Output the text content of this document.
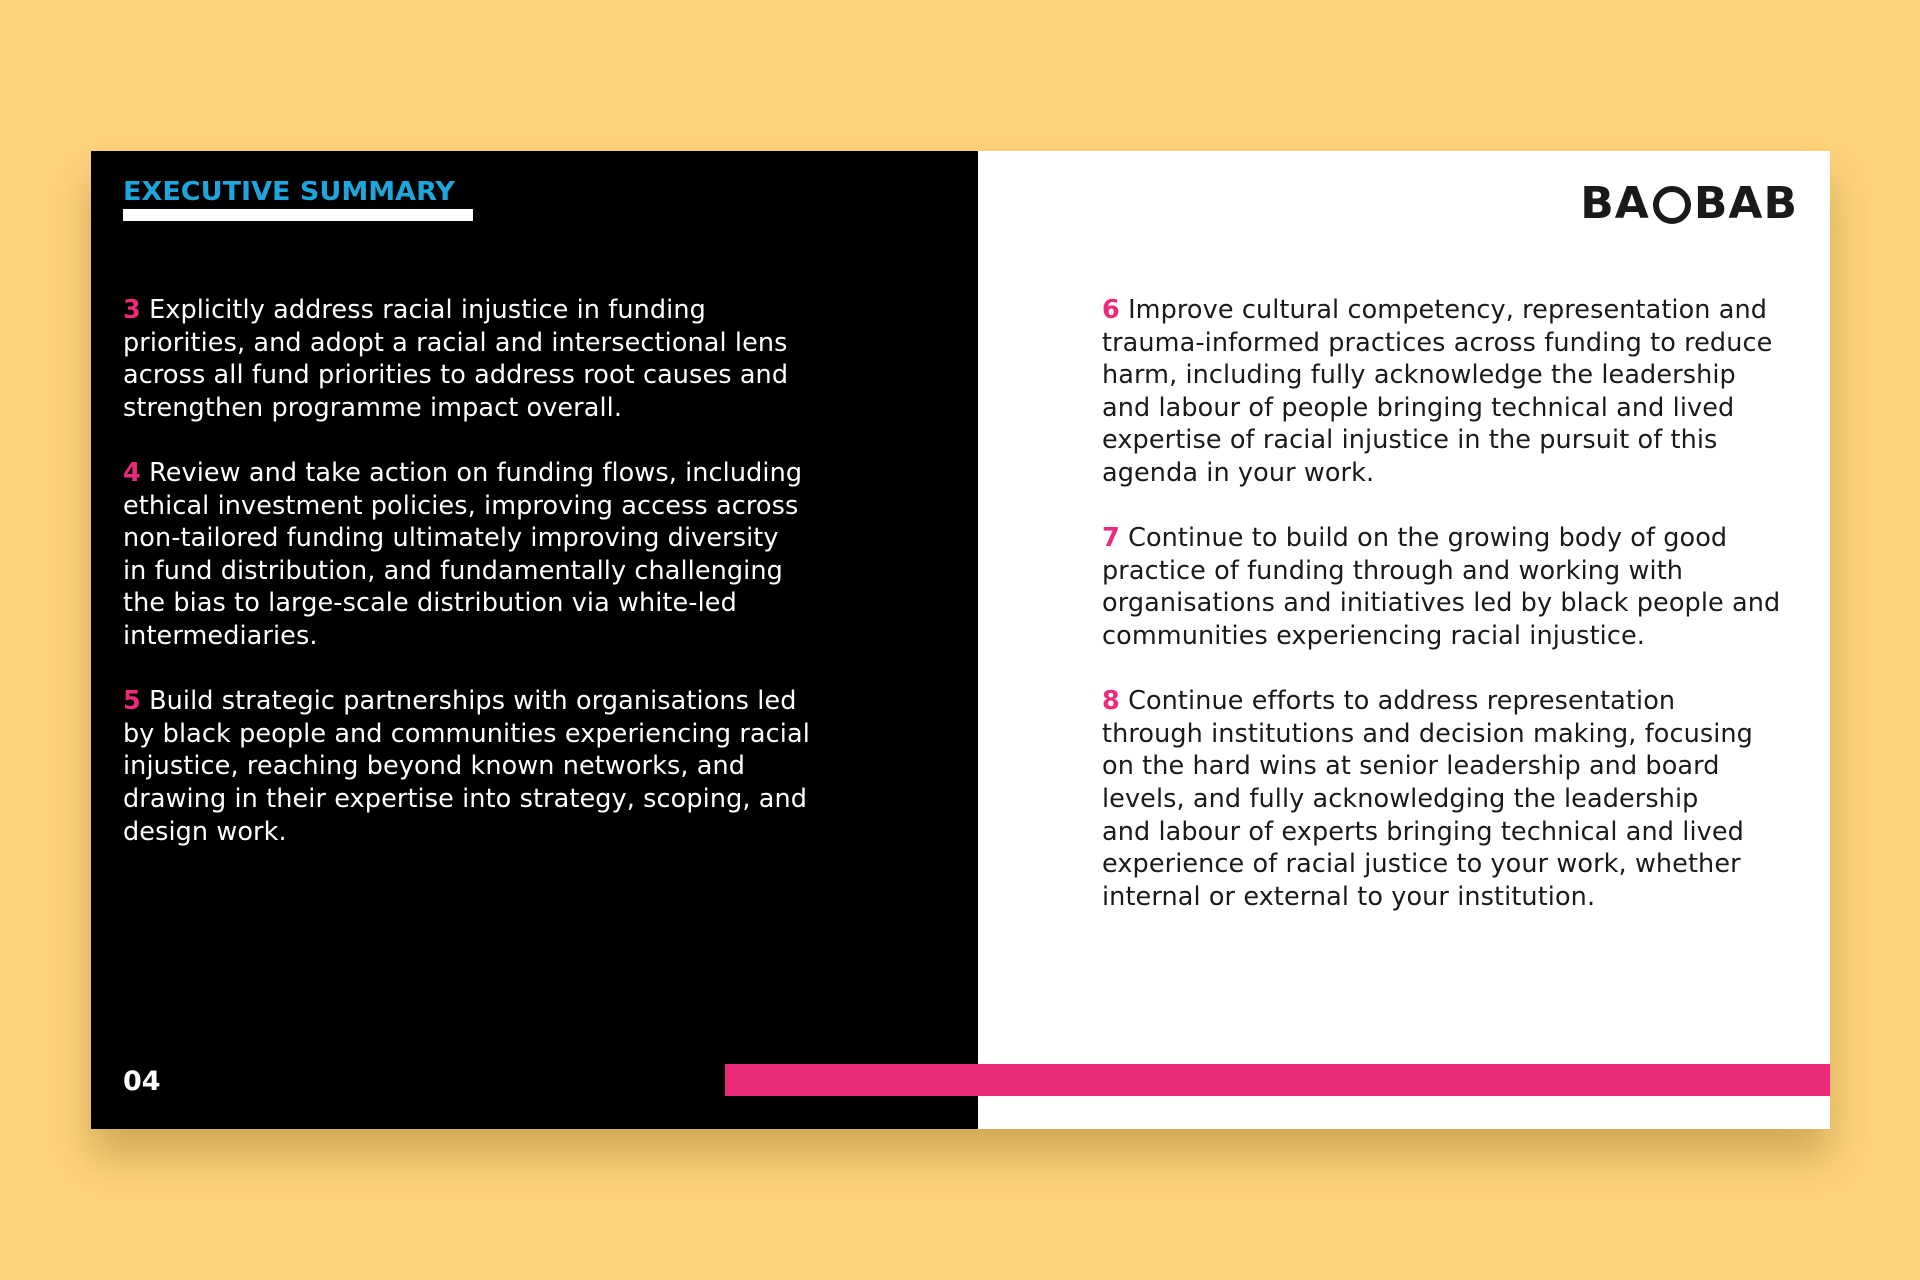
EXECUTIVE SUMMARY

3 Explicitly address racial injustice in funding
priorities, and adopt a racial and intersectional lens
across all fund priorities to address root causes and
strengthen programme impact overall.

4 Review and take action on funding flows, including
ethical investment policies, improving access across
non-tailored funding ultimately improving diversity
in fund distribution, and fundamentally challenging
the bias to large-scale distribution via white-led
intermediaries.

5 Build strategic partnerships with organisations led
by black people and communities experiencing racial
injustice, reaching beyond known networks, and
drawing in their expertise into strategy, scoping, and
design work.

04
BA BAB

6 Improve cultural competency, representation and
trauma-informed practices across funding to reduce
harm, including fully acknowledge the leadership
and labour of people bringing technical and lived
expertise of racial injustice in the pursuit of this
agenda in your work.

7 Continue to build on the growing body of good
practice of funding through and working with
organisations and initiatives led by black people and
communities experiencing racial injustice.

8 Continue efforts to address representation
through institutions and decision making, focusing
on the hard wins at senior leadership and board
levels, and fully acknowledging the leadership
and labour of experts bringing technical and lived
experience of racial justice to your work, whether
internal or external to your institution.
